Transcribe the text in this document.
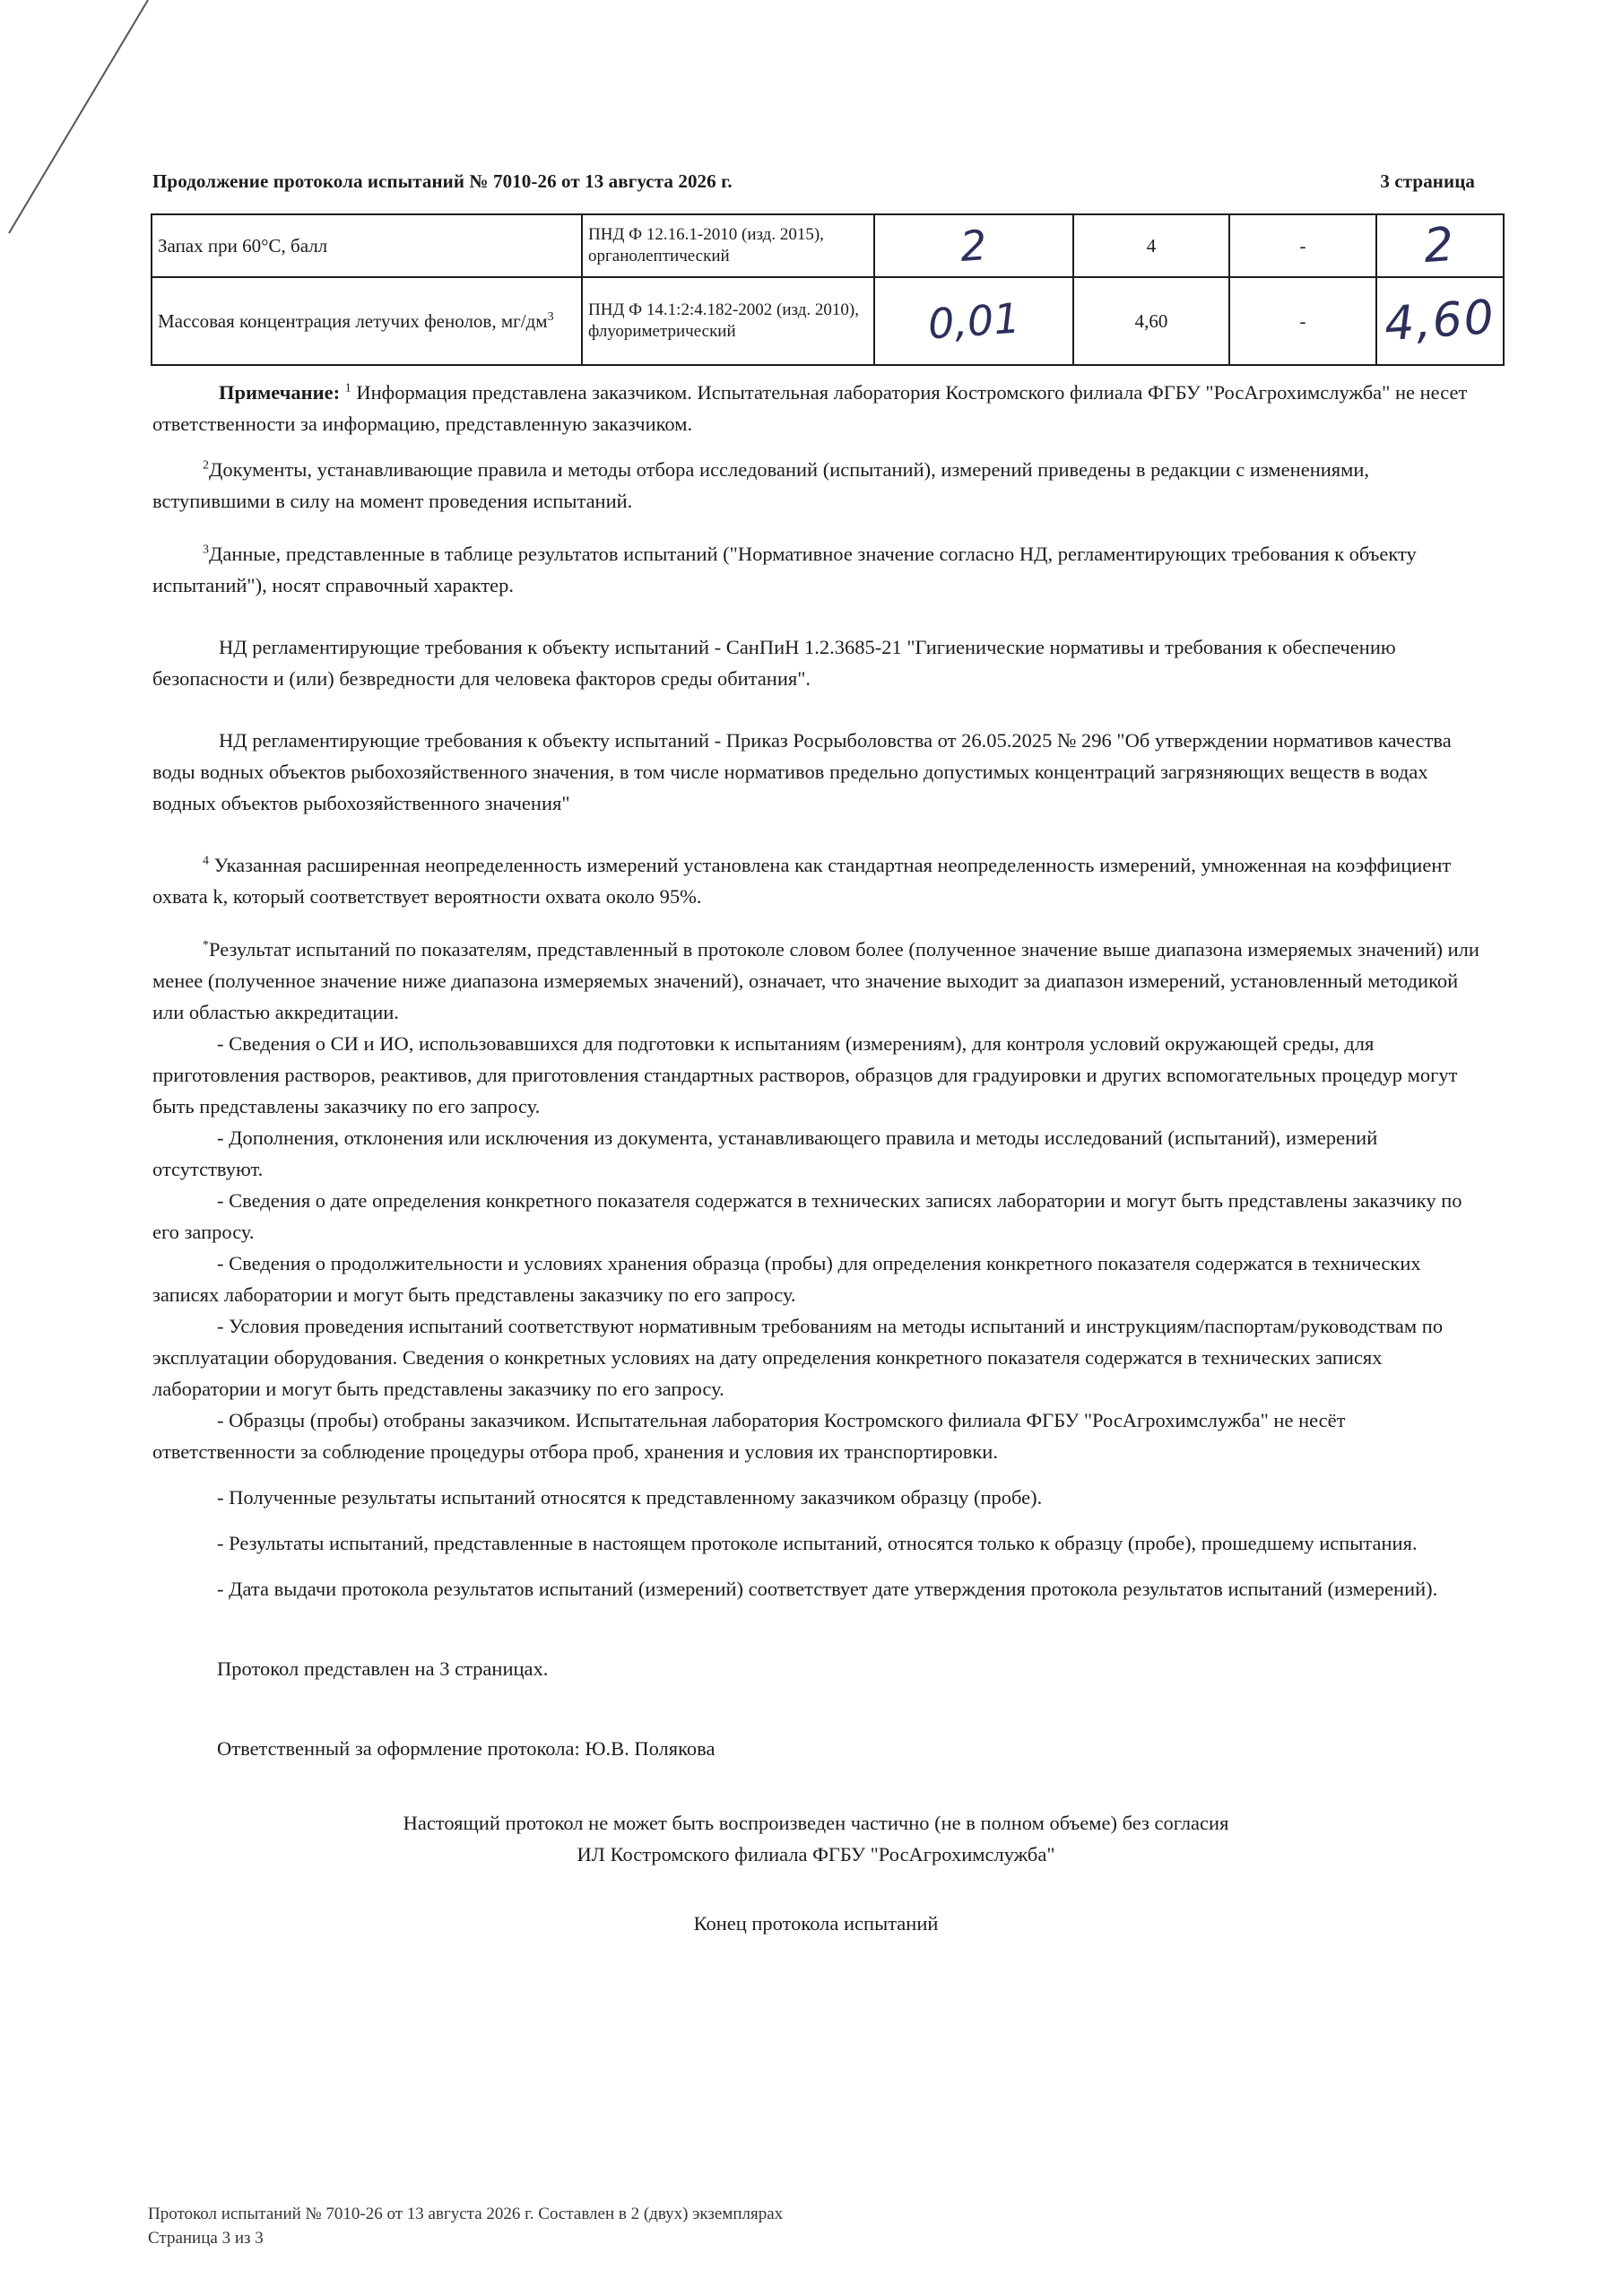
Продолжение протокола испытаний № 7010-26 от 13 августа 2026 г.	3 страница
Запах при 60°С, балл	ПНД Ф 12.16.1-2010 (изд. 2015), органолептический	2	4	-	2
Массовая концентрация летучих фенолов, $мг/дм^3$	ПНД Ф 14.1:2:4.182-2002 (изд. 2010), флуориметрический	0,01	4,60	-	4,60

Примечание: $^1$ Информация представлена заказчиком. Испытательная лаборатория Костромского филиала ФГБУ "РосАгрохимслужба" не несет ответственности за информацию, представленную заказчиком.

$^2$Документы, устанавливающие правила и методы отбора исследований (испытаний), измерений приведены в редакции с изменениями, вступившими в силу на момент проведения испытаний.

$^3$Данные, представленные в таблице результатов испытаний ("Нормативное значение согласно НД, регламентирующих требования к объекту испытаний"), носят справочный характер.

НД регламентирующие требования к объекту испытаний - СанПиН 1.2.3685-21 "Гигиенические нормативы и требования к обеспечению безопасности и (или) безвредности для человека факторов среды обитания".

НД регламентирующие требования к объекту испытаний - Приказ Росрыболовства от 26.05.2025 № 296 "Об утверждении нормативов качества воды водных объектов рыбохозяйственного значения, в том числе нормативов предельно допустимых концентраций загрязняющих веществ в водах водных объектов рыбохозяйственного значения"

$^4$ Указанная расширенная неопределенность измерений установлена как стандартная неопределенность измерений, умноженная на коэффициент охвата k, который соответствует вероятности охвата около 95%.

*Результат испытаний по показателям, представленный в протоколе словом более (полученное значение выше диапазона измеряемых значений) или менее (полученное значение ниже диапазона измеряемых значений), означает, что значение выходит за диапазон измерений, установленный методикой или областью аккредитации.

- Сведения о СИ и ИО, использовавшихся для подготовки к испытаниям (измерениям), для контроля условий окружающей среды, для приготовления растворов, реактивов, для приготовления стандартных растворов, образцов для градуировки и других вспомогательных процедур могут быть представлены заказчику по его запросу.

- Дополнения, отклонения или исключения из документа, устанавливающего правила и методы исследований (испытаний), измерений отсутствуют.

- Сведения о дате определения конкретного показателя содержатся в технических записях лаборатории и могут быть представлены заказчику по его запросу.

- Сведения о продолжительности и условиях хранения образца (пробы) для определения конкретного показателя содержатся в технических записях лаборатории и могут быть представлены заказчику по его запросу.

- Условия проведения испытаний соответствуют нормативным требованиям на методы испытаний и инструкциям/паспортам/руководствам по эксплуатации оборудования. Сведения о конкретных условиях на дату определения конкретного показателя содержатся в технических записях лаборатории и могут быть представлены заказчику по его запросу.

- Образцы (пробы) отобраны заказчиком. Испытательная лаборатория Костромского филиала ФГБУ "РосАгрохимслужба" не несёт ответственности за соблюдение процедуры отбора проб, хранения и условия их транспортировки.

- Полученные результаты испытаний относятся к представленному заказчиком образцу (пробе).

- Результаты испытаний, представленные в настоящем протоколе испытаний, относятся только к образцу (пробе), прошедшему испытания.

- Дата выдачи протокола результатов испытаний (измерений) соответствует дате утверждения протокола результатов испытаний (измерений).

Протокол представлен на 3 страницах.

Ответственный за оформление протокола: Ю.В. Полякова

Настоящий протокол не может быть воспроизведен частично (не в полном объеме) без согласия

ИЛ Костромского филиала ФГБУ "РосАгрохимслужба"

Конец протокола испытаний

Протокол испытаний № 7010-26 от 13 августа 2026 г. Составлен в 2 (двух) экземплярах
Страница 3 из 3
